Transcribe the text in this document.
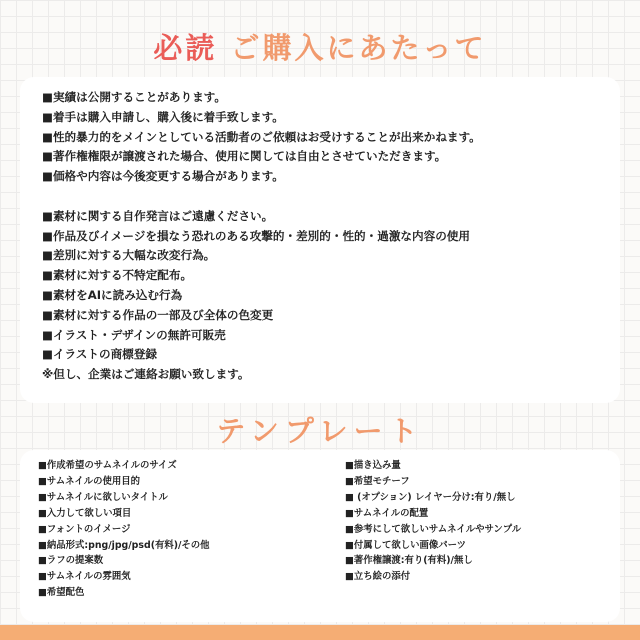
必読 ご購入にあたって
■実績は公開することがあります。
■着手は購入申請し、購入後に着手致します。
■性的暴力的をメインとしている活動者のご依頼はお受けすることが出来かねます。
■著作権権限が譲渡された場合、使用に関しては自由とさせていただきます。
■価格や内容は今後変更する場合があります。
■素材に関する自作発言はご遠慮ください。
■作品及びイメージを損なう恐れのある攻撃的・差別的・性的・過激な内容の使用
■差別に対する大幅な改変行為。
■素材に対する不特定配布。
■素材をAIに読み込む行為
■素材に対する作品の一部及び全体の色変更
■イラスト・デザインの無許可販売
■イラストの商標登録
※但し、企業はご連絡お願い致します。
テンプレート
■作成希望のサムネイルのサイズ
■サムネイルの使用目的
■サムネイルに欲しいタイトル
■入力して欲しい項目
■フォントのイメージ
■納品形式:png/jpg/psd(有料)/その他
■ラフの提案数
■サムネイルの雰囲気
■希望配色
■描き込み量
■希望モチーフ
■ (オプション) レイヤー分け:有り/無し
■サムネイルの配置
■参考にして欲しいサムネイルやサンプル
■付属して欲しい画像パーツ
■著作権譲渡:有り(有料)/無し
■立ち絵の添付
